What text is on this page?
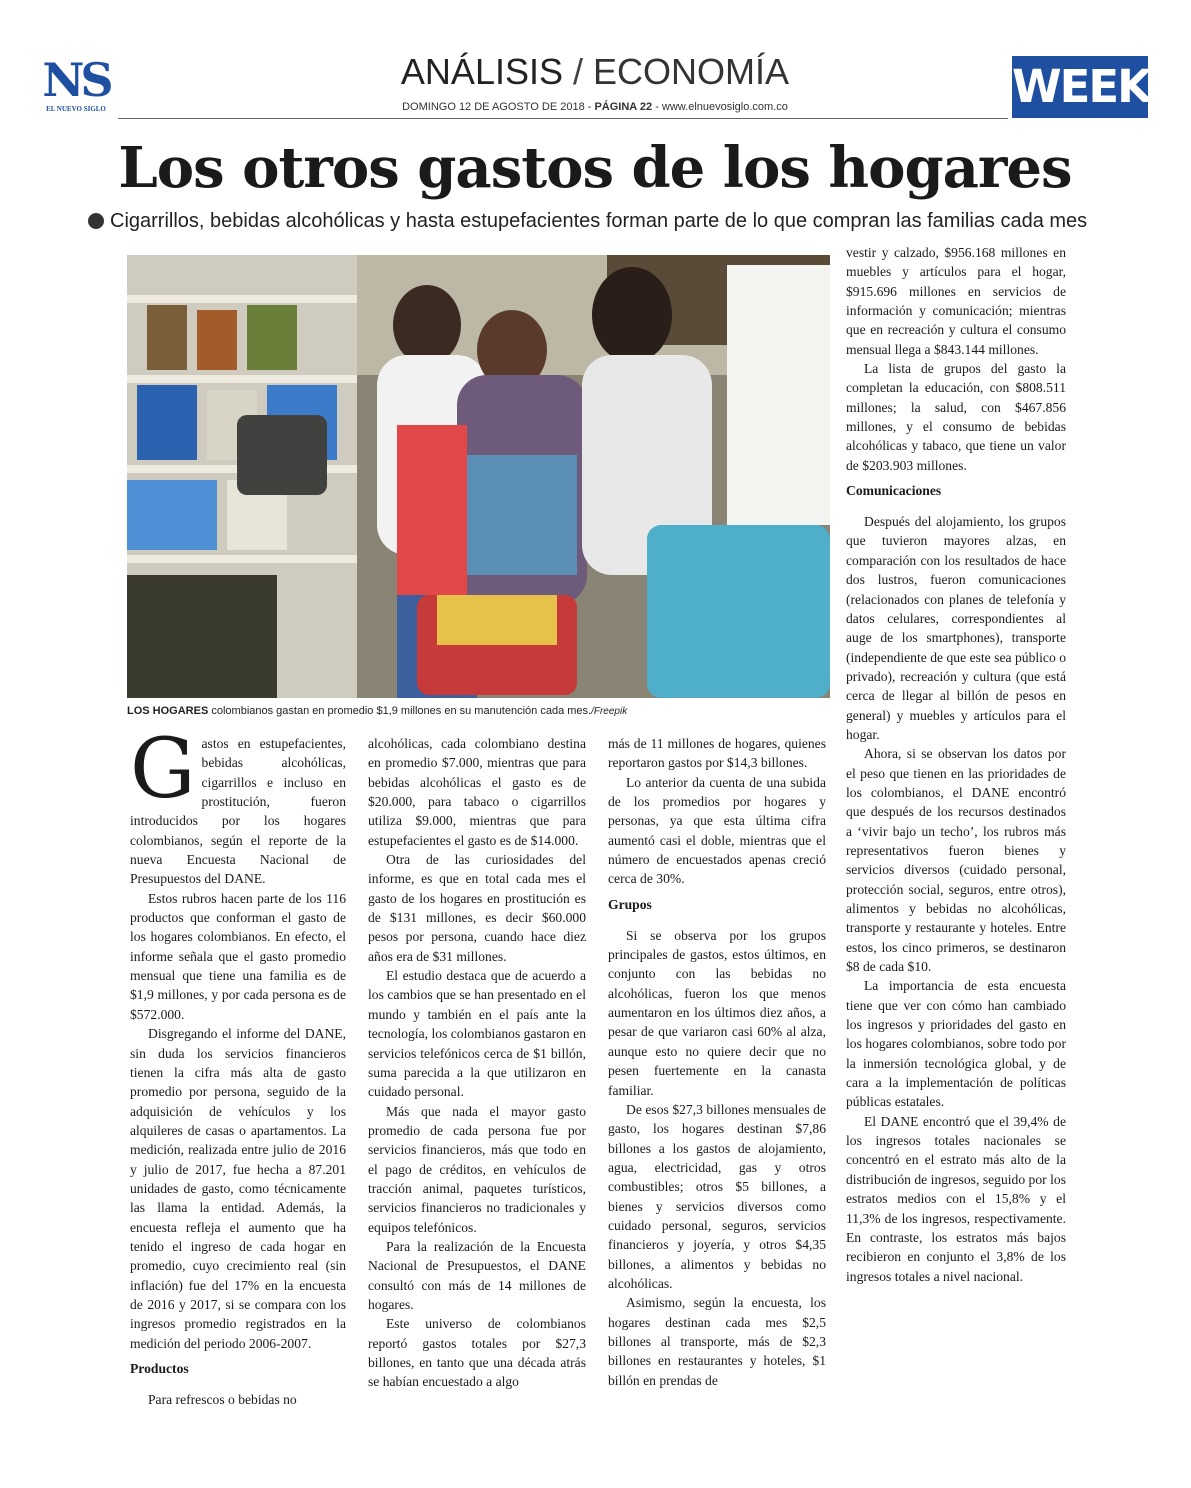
NS
EL NUEVO SIGLO
ANÁLISIS / ECONOMÍA
DOMINGO 12 DE AGOSTO DE 2018 - PÁGINA 22 - www.elnuevosiglo.com.co	WEEK
Los otros gastos de los hogares
Cigarrillos, bebidas alcohólicas y hasta estupefacientes forman parte de lo que compran las familias cada mes
LOS HOGARES colombianos gastan en promedio $1,9 millones en su manutención cada mes./Freepik

Gastos en estupefacientes, bebidas alcohólicas, cigarrillos e incluso en prostitución, fueron introducidos por los hogares colombianos, según el reporte de la nueva Encuesta Nacional de Presupuestos del DANE.

Estos rubros hacen parte de los 116 productos que conforman el gasto de los hogares colombianos. En efecto, el informe señala que el gasto promedio mensual que tiene una familia es de $1,9 millones, y por cada persona es de $572.000.

Disgregando el informe del DANE, sin duda los servicios financieros tienen la cifra más alta de gasto promedio por persona, seguido de la adquisición de vehículos y los alquileres de casas o apartamentos. La medición, realizada entre julio de 2016 y julio de 2017, fue hecha a 87.201 unidades de gasto, como técnicamente las llama la entidad. Además, la encuesta refleja el aumento que ha tenido el ingreso de cada hogar en promedio, cuyo crecimiento real (sin inflación) fue del 17% en la encuesta de 2016 y 2017, si se compara con los ingresos promedio registrados en la medición del periodo 2006-2007.

Productos

Para refrescos o bebidas no

alcohólicas, cada colombiano destina en promedio $7.000, mientras que para bebidas alcohólicas el gasto es de $20.000, para tabaco o cigarrillos utiliza $9.000, mientras que para estupefacientes el gasto es de $14.000.

Otra de las curiosidades del informe, es que en total cada mes el gasto de los hogares en prostitución es de $131 millones, es decir $60.000 pesos por persona, cuando hace diez años era de $31 millones.

El estudio destaca que de acuerdo a los cambios que se han presentado en el mundo y también en el país ante la tecnología, los colombianos gastaron en servicios telefónicos cerca de $1 billón, suma parecida a la que utilizaron en cuidado personal.

Más que nada el mayor gasto promedio de cada persona fue por servicios financieros, más que todo en el pago de créditos, en vehículos de tracción animal, paquetes turísticos, servicios financieros no tradicionales y equipos telefónicos.

Para la realización de la Encuesta Nacional de Presupuestos, el DANE consultó con más de 14 millones de hogares.

Este universo de colombianos reportó gastos totales por $27,3 billones, en tanto que una década atrás se habían encuestado a algo

más de 11 millones de hogares, quienes reportaron gastos por $14,3 billones.

Lo anterior da cuenta de una subida de los promedios por hogares y personas, ya que esta última cifra aumentó casi el doble, mientras que el número de encuestados apenas creció cerca de 30%.

Grupos

Si se observa por los grupos principales de gastos, estos últimos, en conjunto con las bebidas no alcohólicas, fueron los que menos aumentaron en los últimos diez años, a pesar de que variaron casi 60% al alza, aunque esto no quiere decir que no pesen fuertemente en la canasta familiar.

De esos $27,3 billones mensuales de gasto, los hogares destinan $7,86 billones a los gastos de alojamiento, agua, electricidad, gas y otros combustibles; otros $5 billones, a bienes y servicios diversos como cuidado personal, seguros, servicios financieros y joyería, y otros $4,35 billones, a alimentos y bebidas no alcohólicas.

Asimismo, según la encuesta, los hogares destinan cada mes $2,5 billones al transporte, más de $2,3 billones en restaurantes y hoteles, $1 billón en prendas de

vestir y calzado, $956.168 millones en muebles y artículos para el hogar, $915.696 millones en servicios de información y comunicación; mientras que en recreación y cultura el consumo mensual llega a $843.144 millones.

La lista de grupos del gasto la completan la educación, con $808.511 millones; la salud, con $467.856 millones, y el consumo de bebidas alcohólicas y tabaco, que tiene un valor de $203.903 millones.

Comunicaciones

Después del alojamiento, los grupos que tuvieron mayores alzas, en comparación con los resultados de hace dos lustros, fueron comunicaciones (relacionados con planes de telefonía y datos celulares, correspondientes al auge de los smartphones), transporte (independiente de que este sea público o privado), recreación y cultura (que está cerca de llegar al billón de pesos en general) y muebles y artículos para el hogar.

Ahora, si se observan los datos por el peso que tienen en las prioridades de los colombianos, el DANE encontró que después de los recursos destinados a ‘vivir bajo un techo’, los rubros más representativos fueron bienes y servicios diversos (cuidado personal, protección social, seguros, entre otros), alimentos y bebidas no alcohólicas, transporte y restaurante y hoteles. Entre estos, los cinco primeros, se destinaron $8 de cada $10.

La importancia de esta encuesta tiene que ver con cómo han cambiado los ingresos y prioridades del gasto en los hogares colombianos, sobre todo por la inmersión tecnológica global, y de cara a la implementación de políticas públicas estatales.

El DANE encontró que el 39,4% de los ingresos totales nacionales se concentró en el estrato más alto de la distribución de ingresos, seguido por los estratos medios con el 15,8% y el 11,3% de los ingresos, respectivamente. En contraste, los estratos más bajos recibieron en conjunto el 3,8% de los ingresos totales a nivel nacional.
